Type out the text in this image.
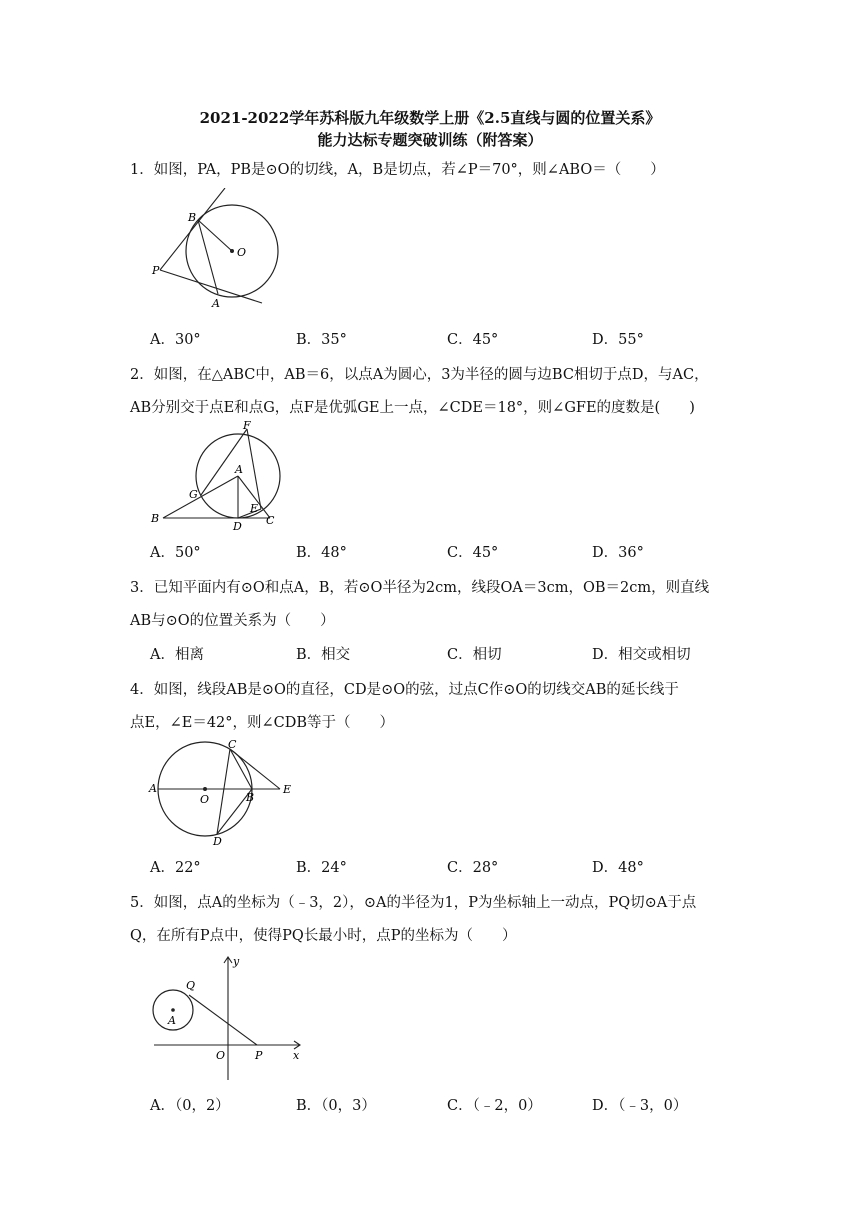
2021-2022学年苏科版九年级数学上册《2.5直线与圆的位置关系》
能力达标专题突破训练（附答案）
1．如图，PA，PB是⊙O的切线，A，B是切点，若∠P＝70°，则∠ABO＝（　　）
B
O
P
A
A．30°	B．35°	C．45°	D．55°
2．如图，在△ABC中，AB＝6，以点A为圆心，3为半径的圆与边BC相切于点D，与AC，
AB分别交于点E和点G，点F是优弧GE上一点，∠CDE＝18°，则∠GFE的度数是(　　)
F
A
G
E
B
D C
A．50°	B．48°	C．45°	D．36°
3．已知平面内有⊙O和点A，B，若⊙O半径为2cm，线段OA＝3cm，OB＝2cm，则直线
AB与⊙O的位置关系为（　　）
A．相离	B．相交	C．相切	D．相交或相切
4．如图，线段AB是⊙O的直径，CD是⊙O的弦，过点C作⊙O的切线交AB的延长线于
点E，∠E＝42°，则∠CDB等于（　　）
C
A
O	B
E
D
A．22°	B．24°	C．28°	D．48°
5．如图，点A的坐标为（﹣3，2），⊙A的半径为1，P为坐标轴上一动点，PQ切⊙A于点
Q，在所有P点中，使得PQ长最小时，点P的坐标为（　　）
y
Q
A
O	P	x
A．（0，2）	B．（0，3）	C．（﹣2，0）	D．（﹣3，0）
